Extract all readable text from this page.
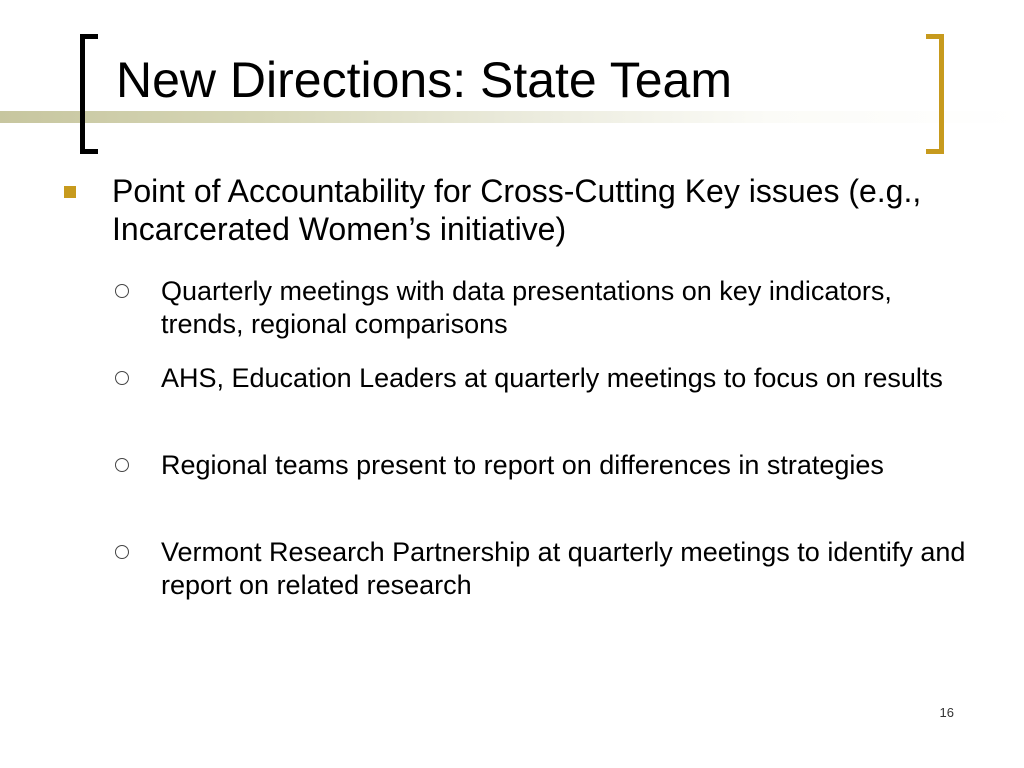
New Directions: State Team
Point of Accountability for Cross-Cutting Key issues (e.g., Incarcerated Women’s initiative)
Quarterly meetings with data presentations on key indicators, trends, regional comparisons
AHS, Education Leaders at quarterly meetings to focus on results
Regional teams present to report on differences in strategies
Vermont Research Partnership at quarterly meetings to identify and report on related research
16
